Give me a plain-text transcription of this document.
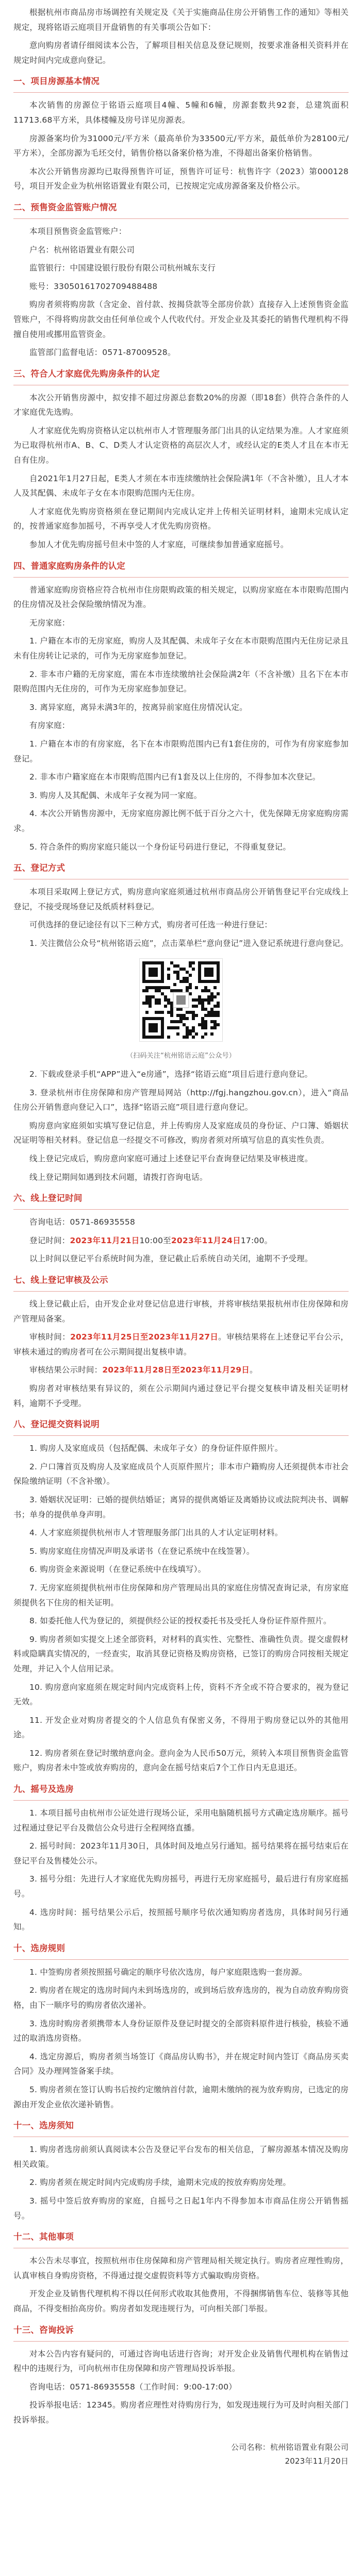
根据杭州市商品房市场调控有关规定及《关于实施商品住房公开销售工作的通知》等相关规定，现将铭语云庭项目开盘销售的有关事项公告如下：

意向购房者请仔细阅读本公告，了解项目相关信息及登记规则，按要求准备相关资料并在规定时间内完成意向登记。

一、项目房源基本情况

本次销售的房源位于铭语云庭项目4幢、5幢和6幢，房源套数共92套，总建筑面积11713.68平方米，具体楼幢及房号详见房源表。

房源备案均价为31000元/平方米（最高单价为33500元/平方米，最低单价为28100元/平方米），全部房源为毛坯交付，销售价格以备案价格为准，不得超出备案价格销售。

本次公开销售房源均已取得预售许可证，预售许可证号：杭售许字（2023）第000128号，项目开发企业为杭州铭语置业有限公司，已按规定完成房源备案及价格公示。

二、预售资金监管账户情况

本项目预售资金监管账户：

户名：杭州铭语置业有限公司

监管银行：中国建设银行股份有限公司杭州城东支行

账号：33050161702709488488

购房者须将购房款（含定金、首付款、按揭贷款等全部房价款）直接存入上述预售资金监管账户，不得将购房款交由任何单位或个人代收代付。开发企业及其委托的销售代理机构不得擅自使用或挪用监管资金。

监管部门监督电话：0571-87009528。

三、符合人才家庭优先购房条件的认定

本次公开销售房源中，拟安排不超过房源总套数20%的房源（即18套）供符合条件的人才家庭优先选购。

人才家庭优先购房资格认定以杭州市人才管理服务部门出具的认定结果为准。人才家庭须为已取得杭州市A、B、C、D类人才认定资格的高层次人才，或经认定的E类人才且在本市无自有住房。

自2021年1月27日起，E类人才须在本市连续缴纳社会保险满1年（不含补缴），且人才本人及其配偶、未成年子女在本市限购范围内无住房。

人才家庭优先购房资格须在登记期间内完成认定并上传相关证明材料，逾期未完成认定的，按普通家庭参加摇号，不再享受人才优先购房资格。

参加人才优先购房摇号但未中签的人才家庭，可继续参加普通家庭摇号。

四、普通家庭购房条件的认定

普通家庭购房资格应符合杭州市住房限购政策的相关规定，以购房家庭在本市限购范围内的住房情况及社会保险缴纳情况为准。

无房家庭：

1. 户籍在本市的无房家庭，购房人及其配偶、未成年子女在本市限购范围内无住房记录且未有住房转让记录的，可作为无房家庭参加登记。

2. 非本市户籍的无房家庭，需在本市连续缴纳社会保险满2年（不含补缴）且名下在本市限购范围内无住房的，可作为无房家庭参加登记。

3. 离异家庭，离异未满3年的，按离异前家庭住房情况认定。

有房家庭：

1. 户籍在本市的有房家庭，名下在本市限购范围内已有1套住房的，可作为有房家庭参加登记。

2. 非本市户籍家庭在本市限购范围内已有1套及以上住房的，不得参加本次登记。

3. 购房人及其配偶、未成年子女视为同一家庭。

4. 本次公开销售房源中，无房家庭房源比例不低于百分之六十，优先保障无房家庭购房需求。

5. 符合条件的购房家庭只能以一个身份证号码进行登记，不得重复登记。

五、登记方式

本项目采取网上登记方式，购房意向家庭须通过杭州市商品房公开销售登记平台完成线上登记，不接受现场登记及纸质材料登记。

可供选择的登记途径有以下三种方式，购房者可任选一种进行登记：

1. 关注微信公众号“杭州铭语云庭”，点击菜单栏“意向登记”进入登记系统进行意向登记。

（扫码关注“杭州铭语云庭”公众号）

2. 下载或登录手机“APP”进入“e房通”，选择“铭语云庭”项目后进行意向登记。

3. 登录杭州市住房保障和房产管理局网站（http://fgj.hangzhou.gov.cn），进入“商品住房公开销售意向登记入口”，选择“铭语云庭”项目进行意向登记。

购房意向家庭须如实填写登记信息，并上传购房人及家庭成员的身份证、户口簿、婚姻状况证明等相关材料。登记信息一经提交不可修改，购房者须对所填写信息的真实性负责。

线上登记完成后，购房意向家庭可通过上述登记平台查询登记结果及审核进度。

线上登记期间如遇到技术问题，请拨打咨询电话。

六、线上登记时间

咨询电话：0571-86935558

登记时间：2023年11月21日10:00至2023年11月24日17:00。

以上时间以登记平台系统时间为准，登记截止后系统自动关闭，逾期不予受理。

七、线上登记审核及公示

线上登记截止后，由开发企业对登记信息进行审核，并将审核结果报杭州市住房保障和房产管理局备案。

审核时间：2023年11月25日至2023年11月27日。审核结果将在上述登记平台公示，审核未通过的购房者可在公示期间提出复核申请。

审核结果公示时间：2023年11月28日至2023年11月29日。

购房者对审核结果有异议的，须在公示期间内通过登记平台提交复核申请及相关证明材料，逾期不予受理。

八、登记提交资料说明

1. 购房人及家庭成员（包括配偶、未成年子女）的身份证件原件照片。

2. 户口簿首页及购房人及家庭成员个人页原件照片；非本市户籍购房人还须提供本市社会保险缴纳证明（不含补缴）。

3. 婚姻状况证明：已婚的提供结婚证；离异的提供离婚证及离婚协议或法院判决书、调解书；单身的提供单身声明。

4. 人才家庭须提供杭州市人才管理服务部门出具的人才认定证明材料。

5. 购房家庭住房情况声明及承诺书（在登记系统中在线签署）。

6. 购房资金来源说明（在登记系统中在线填写）。

7. 无房家庭须提供杭州市住房保障和房产管理局出具的家庭住房情况查询记录，有房家庭须提供名下住房的相关证明。

8. 如委托他人代为登记的，须提供经公证的授权委托书及受托人身份证件原件照片。

9. 购房者须如实提交上述全部资料，对材料的真实性、完整性、准确性负责。提交虚假材料或隐瞒真实情况的，一经查实，取消其登记资格及购房资格，已签订的购房合同按相关规定处理，并记入个人信用记录。

10. 购房意向家庭须在规定时间内完成资料上传，资料不齐全或不符合要求的，视为登记无效。

11. 开发企业对购房者提交的个人信息负有保密义务，不得用于购房登记以外的其他用途。

12. 购房者须在登记时缴纳意向金。意向金为人民币50万元，须转入本项目预售资金监管账户，购房者未中签或放弃购房的，意向金在摇号结束后7个工作日内无息退还。

九、摇号及选房

1. 本项目摇号由杭州市公证处进行现场公证，采用电脑随机摇号方式确定选房顺序。摇号过程通过登记平台及微信公众号进行全程网络直播。

2. 摇号时间：2023年11月30日，具体时间及地点另行通知。摇号结果将在摇号结束后在登记平台及售楼处公示。

3. 摇号分组：先进行人才家庭优先购房摇号，再进行无房家庭摇号，最后进行有房家庭摇号。

4. 选房时间：摇号结果公示后，按照摇号顺序号依次通知购房者选房，具体时间另行通知。

十、选房规则

1. 中签购房者须按照摇号确定的顺序号依次选房，每户家庭限选购一套房源。

2. 购房者在规定的选房时间内未到场选房的，或到场后放弃选房的，视为自动放弃购房资格，由下一顺序号的购房者依次递补。

3. 选房时购房者须携带本人身份证原件及登记时提交的全部资料原件进行核验，核验不通过的取消选房资格。

4. 选定房源后，购房者须当场签订《商品房认购书》，并在规定时间内签订《商品房买卖合同》及办理网签备案手续。

5. 购房者须在签订认购书后按约定缴纳首付款，逾期未缴纳的视为放弃购房，已选定的房源由开发企业依次递补销售。

十一、选房须知

1. 购房者选房前须认真阅读本公告及登记平台发布的相关信息，了解房源基本情况及购房相关政策。

2. 购房者须在规定时间内完成购房手续，逾期未完成的按放弃购房处理。

3. 摇号中签后放弃购房的家庭，自摇号之日起1年内不得参加本市商品住房公开销售摇号。

十二、其他事项

本公告未尽事宜，按照杭州市住房保障和房产管理局相关规定执行。购房者应理性购房，认真审核自身购房资格，不得通过提交虚假资料等方式骗取购房资格。

开发企业及销售代理机构不得以任何形式收取其他费用，不得捆绑销售车位、装修等其他商品，不得变相抬高房价。购房者如发现违规行为，可向相关部门举报。

十三、咨询投诉

对本公告内容有疑问的，可通过咨询电话进行咨询；对开发企业及销售代理机构在销售过程中的违规行为，可向杭州市住房保障和房产管理局投诉举报。

咨询电话：0571-86935558（工作时间：9:00-17:00）

投诉举报电话：12345。购房者应理性对待购房行为，如发现违规行为可及时向相关部门投诉举报。

公司名称：杭州铭语置业有限公司
2023年11月20日
